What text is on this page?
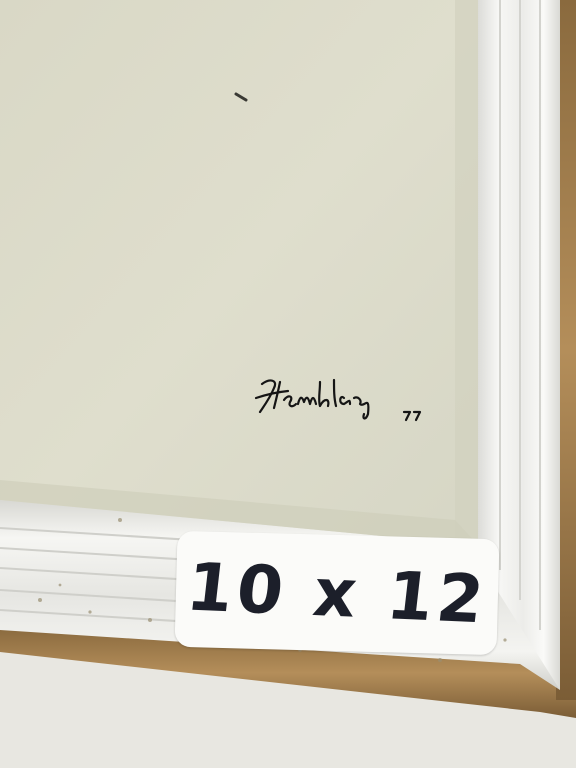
10 x 12
